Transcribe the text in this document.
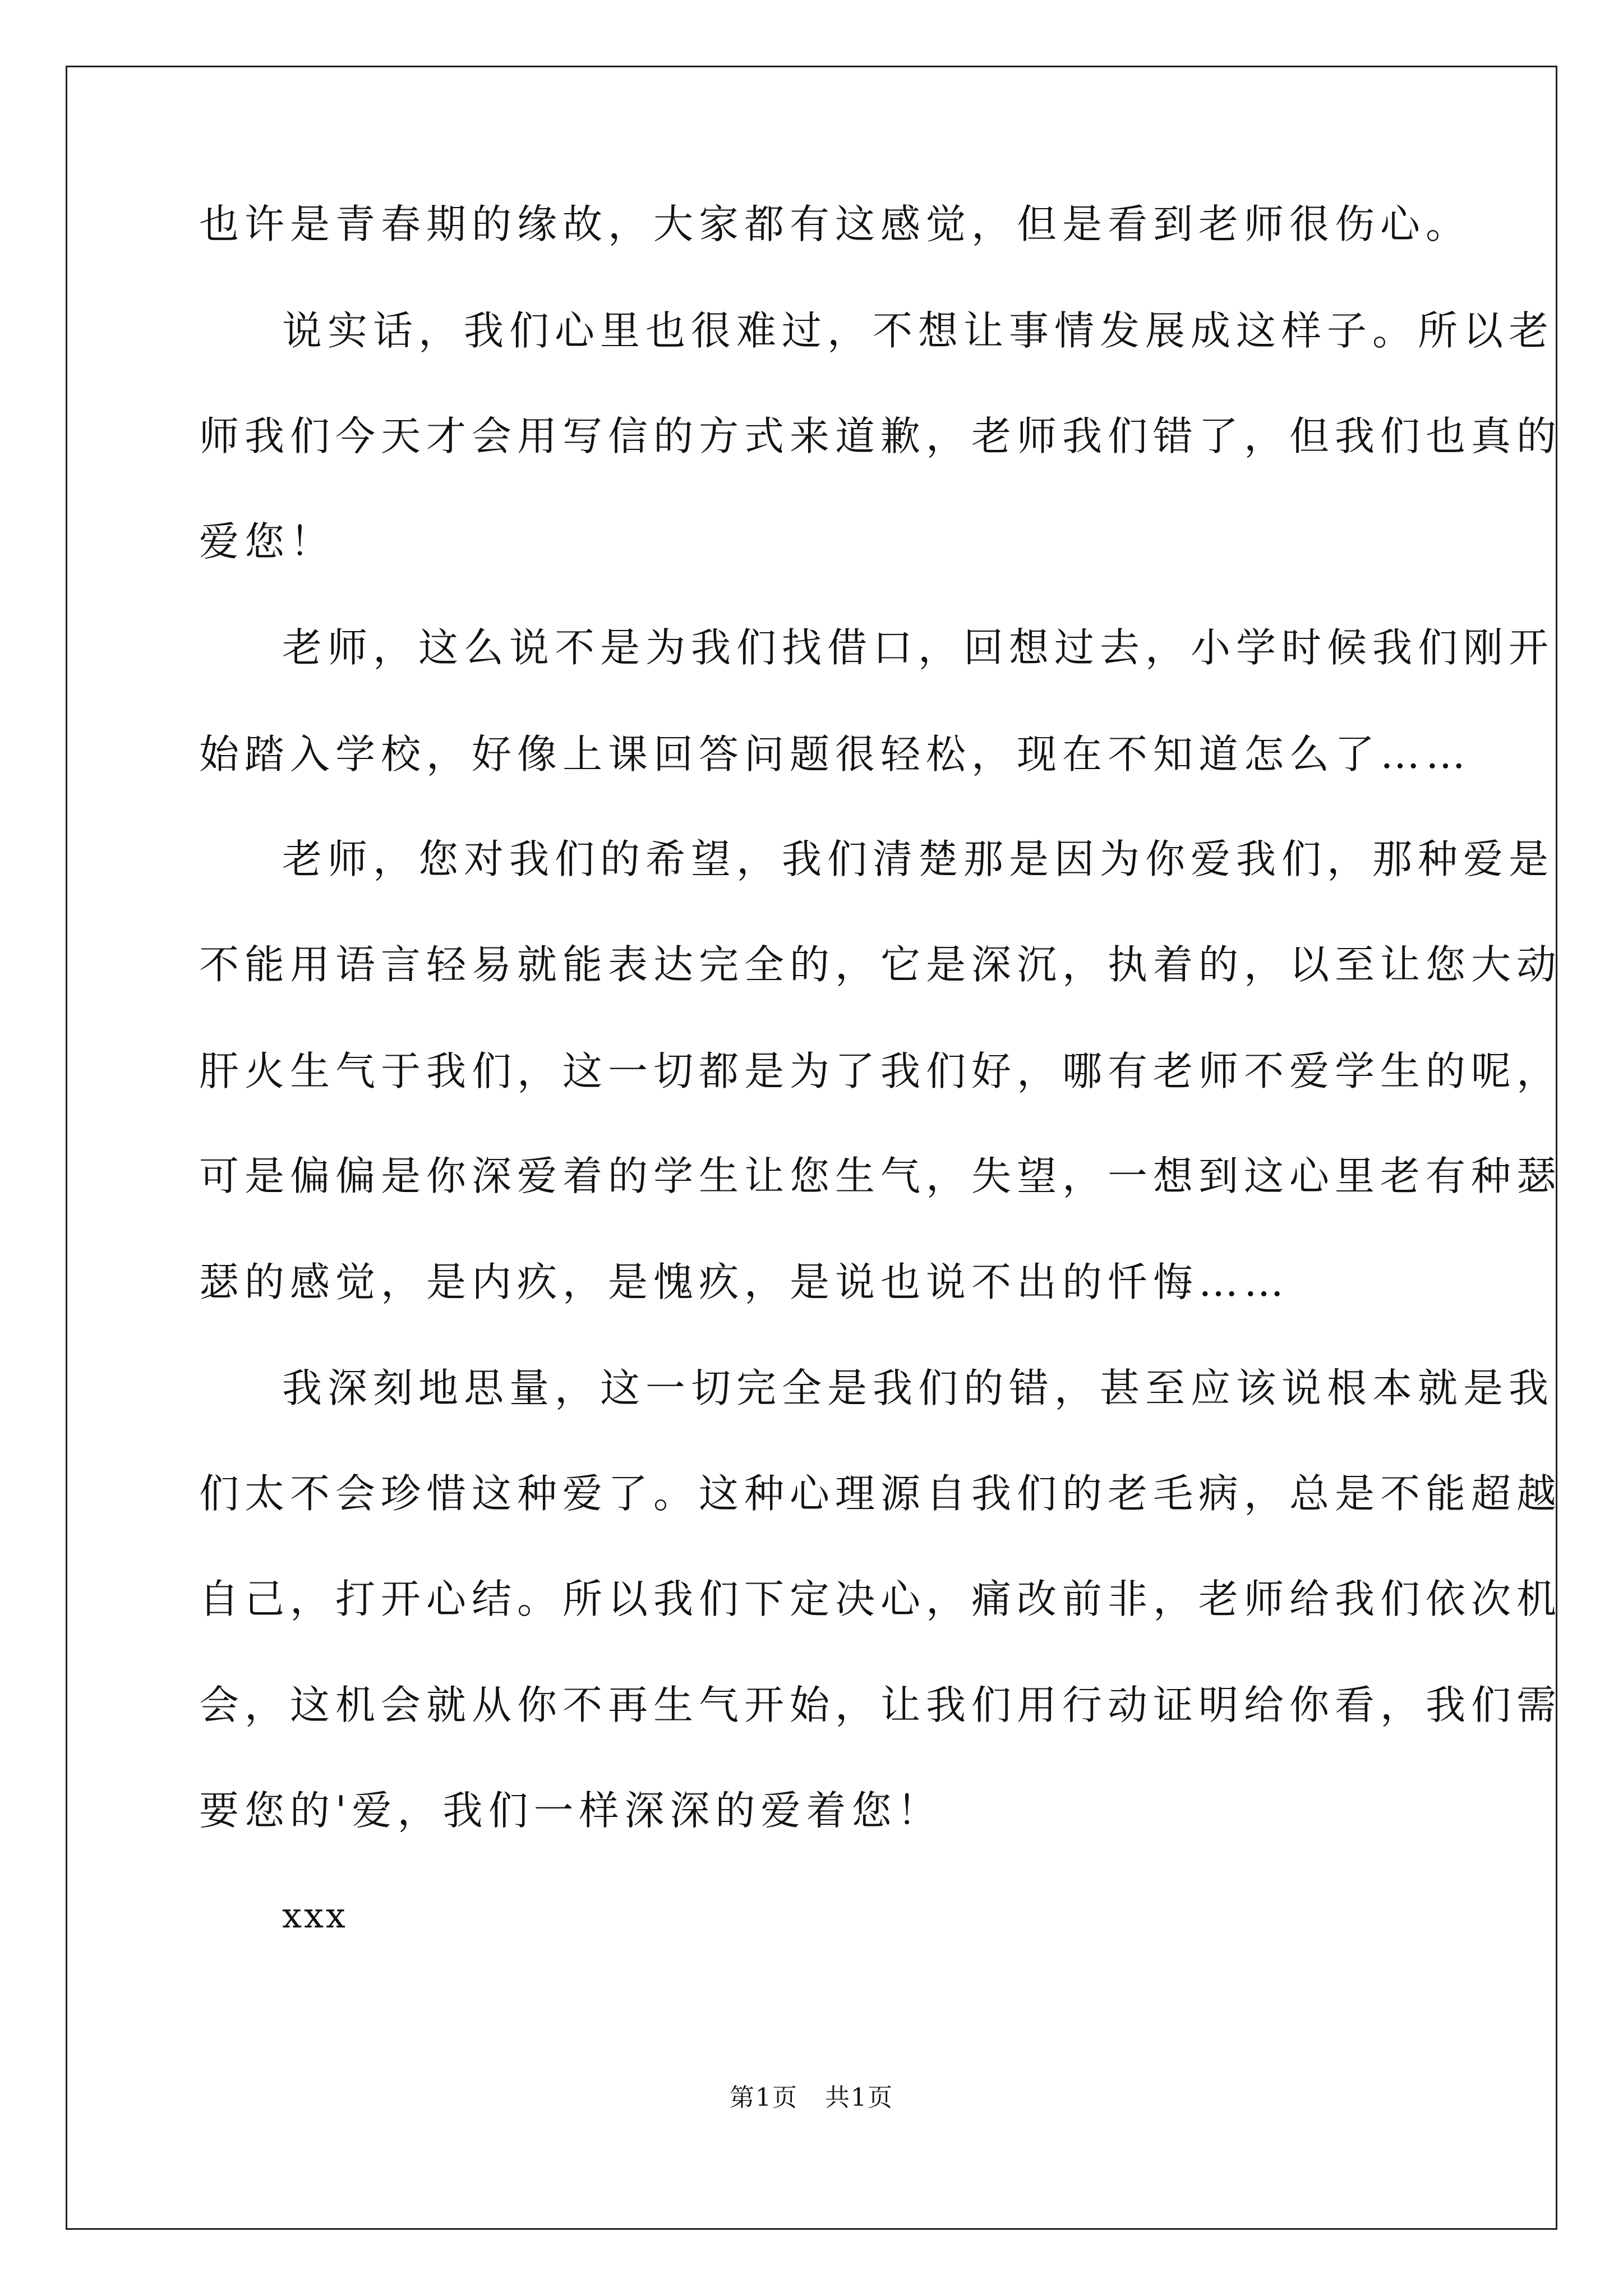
也许是青春期的缘故，大家都有这感觉，但是看到老师很伤心。
说实话，我们心里也很难过，不想让事情发展成这样子。所以老
师我们今天才会用写信的方式来道歉，老师我们错了，但我们也真的
爱您！
老师，这么说不是为我们找借口，回想过去，小学时候我们刚开
始踏入学校，好像上课回答问题很轻松，现在不知道怎么了……
老师，您对我们的希望，我们清楚那是因为你爱我们，那种爱是
不能用语言轻易就能表达完全的，它是深沉，执着的，以至让您大动
肝火生气于我们，这一切都是为了我们好，哪有老师不爱学生的呢，
可是偏偏是你深爱着的学生让您生气，失望，一想到这心里老有种瑟
瑟的感觉，是内疚，是愧疚，是说也说不出的忏悔……
我深刻地思量，这一切完全是我们的错，甚至应该说根本就是我
们太不会珍惜这种爱了。这种心理源自我们的老毛病，总是不能超越
自己，打开心结。所以我们下定决心，痛改前非，老师给我们依次机
会，这机会就从你不再生气开始，让我们用行动证明给你看，我们需
要您的'爱，我们一样深深的爱着您！
xxx
第1页 共1页
